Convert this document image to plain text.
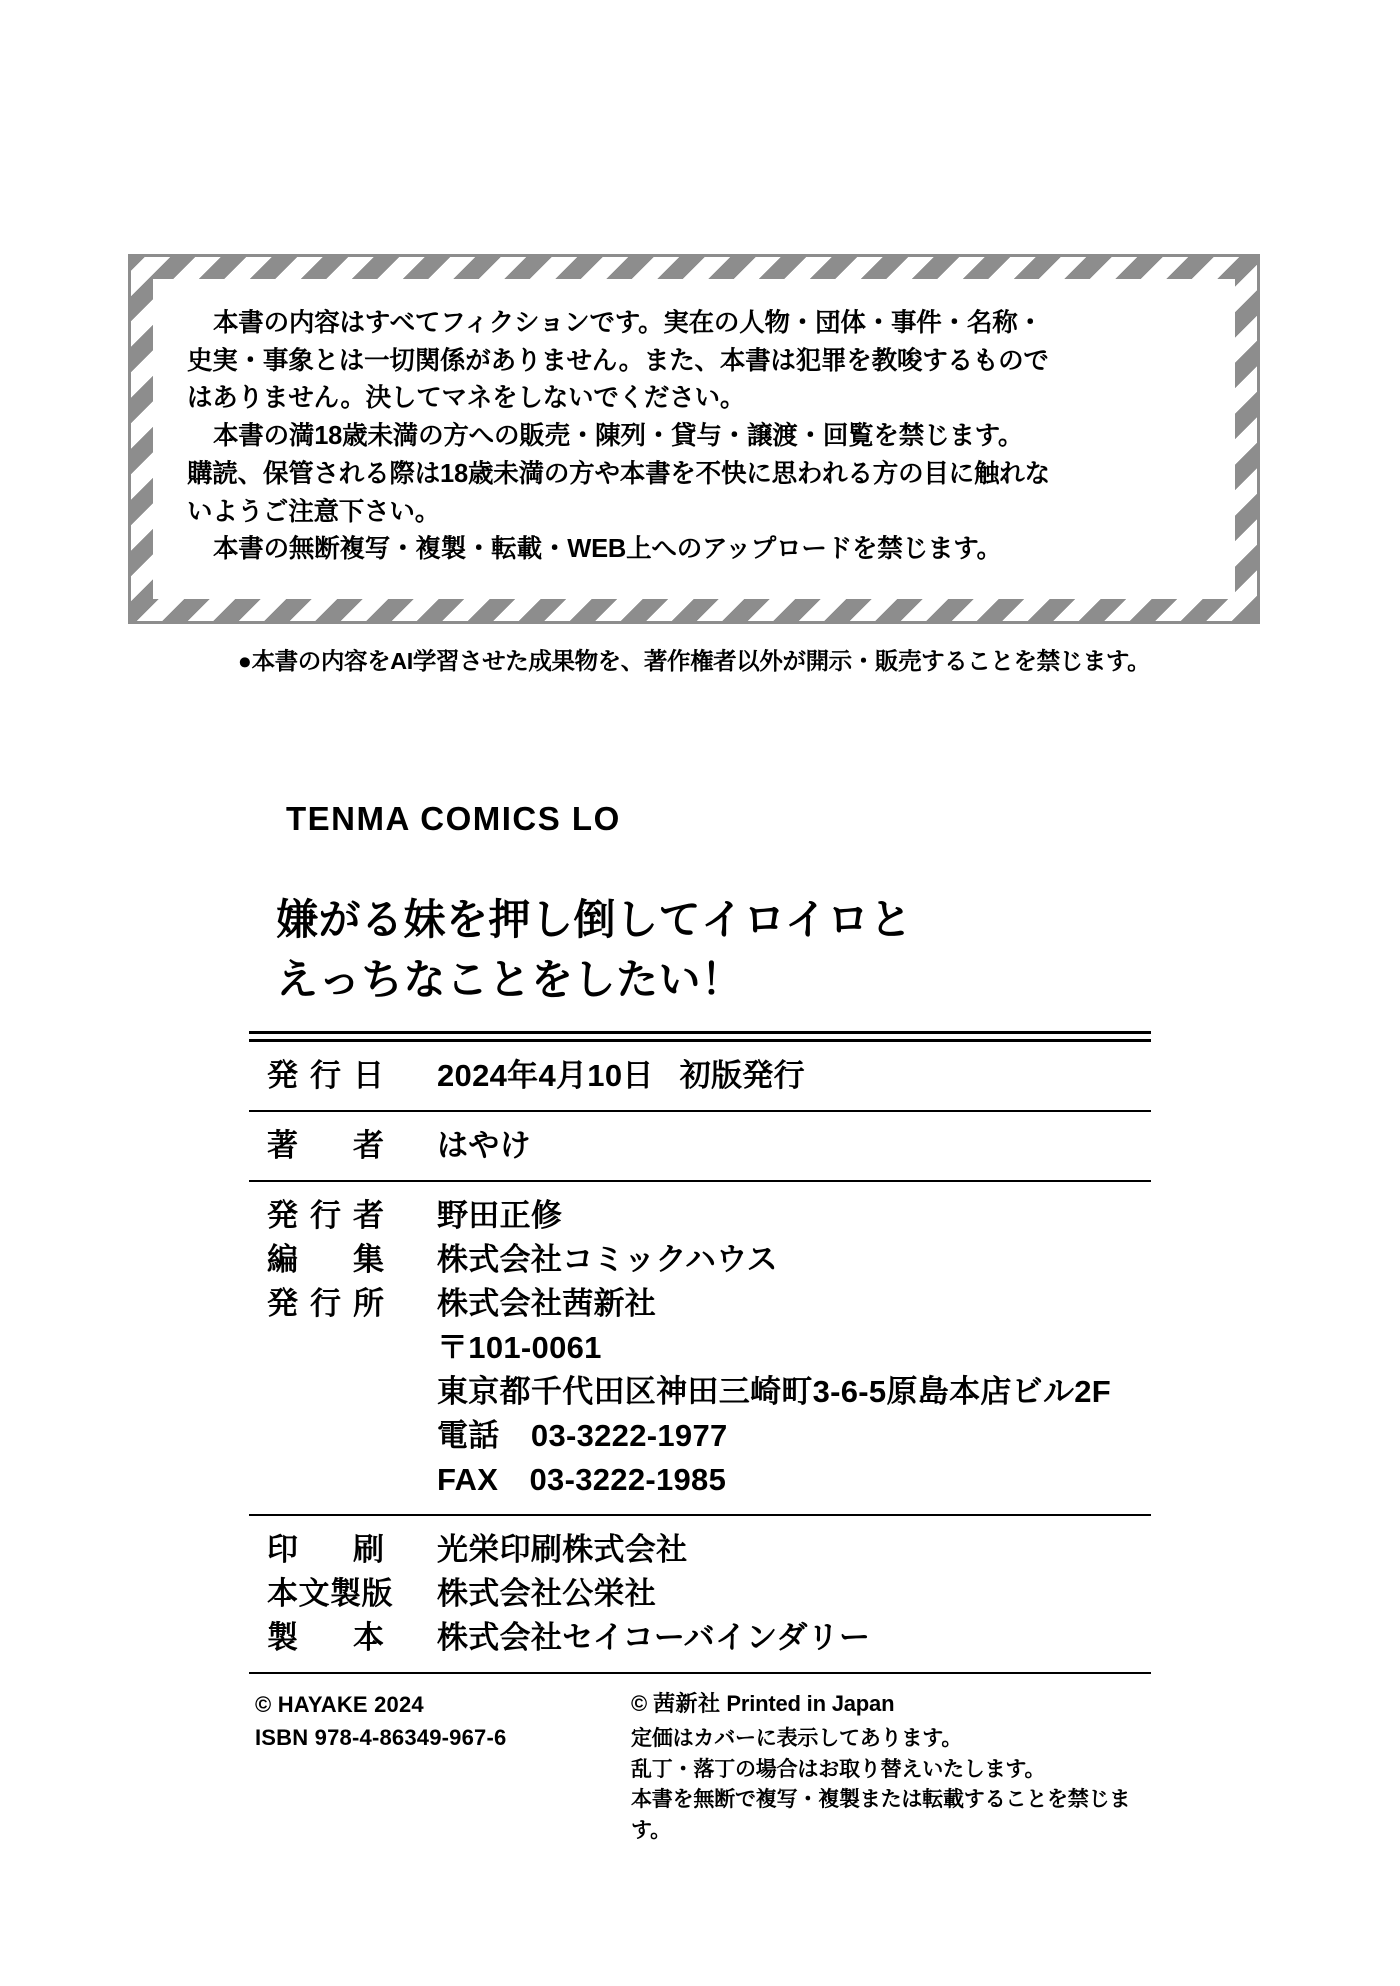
本書の内容はすべてフィクションです。実在の人物・団体・事件・名称・
史実・事象とは一切関係がありません。また、本書は犯罪を教唆するもので
はありません。決してマネをしないでください。
本書の満18歳未満の方への販売・陳列・貸与・譲渡・回覧を禁じます。
購読、保管される際は18歳未満の方や本書を不快に思われる方の目に触れな
いようご注意下さい。
本書の無断複写・複製・転載・WEB上へのアップロードを禁じます。
●本書の内容をAI学習させた成果物を、著作権者以外が開示・販売することを禁じます。
TENMA COMICS LO
嫌がる妹を押し倒してイロイロと
えっちなことをしたい！
発行日	2024年4月10日 初版発行
著　者	はやけ
発行者	野田正修
編　集	株式会社コミックハウス
発行所	株式会社茜新社
〒101-0061
東京都千代田区神田三崎町3-6-5原島本店ビル2F
電話　03-3222-1977
FAX　03-3222-1985
印　刷	光栄印刷株式会社
本文製版	株式会社公栄社
製　本	株式会社セイコーバインダリー
© HAYAKE 2024
ISBN 978-4-86349-967-6
© 茜新社 Printed in Japan
定価はカバーに表示してあります。
乱丁・落丁の場合はお取り替えいたします。
本書を無断で複写・複製または転載することを禁じます。
